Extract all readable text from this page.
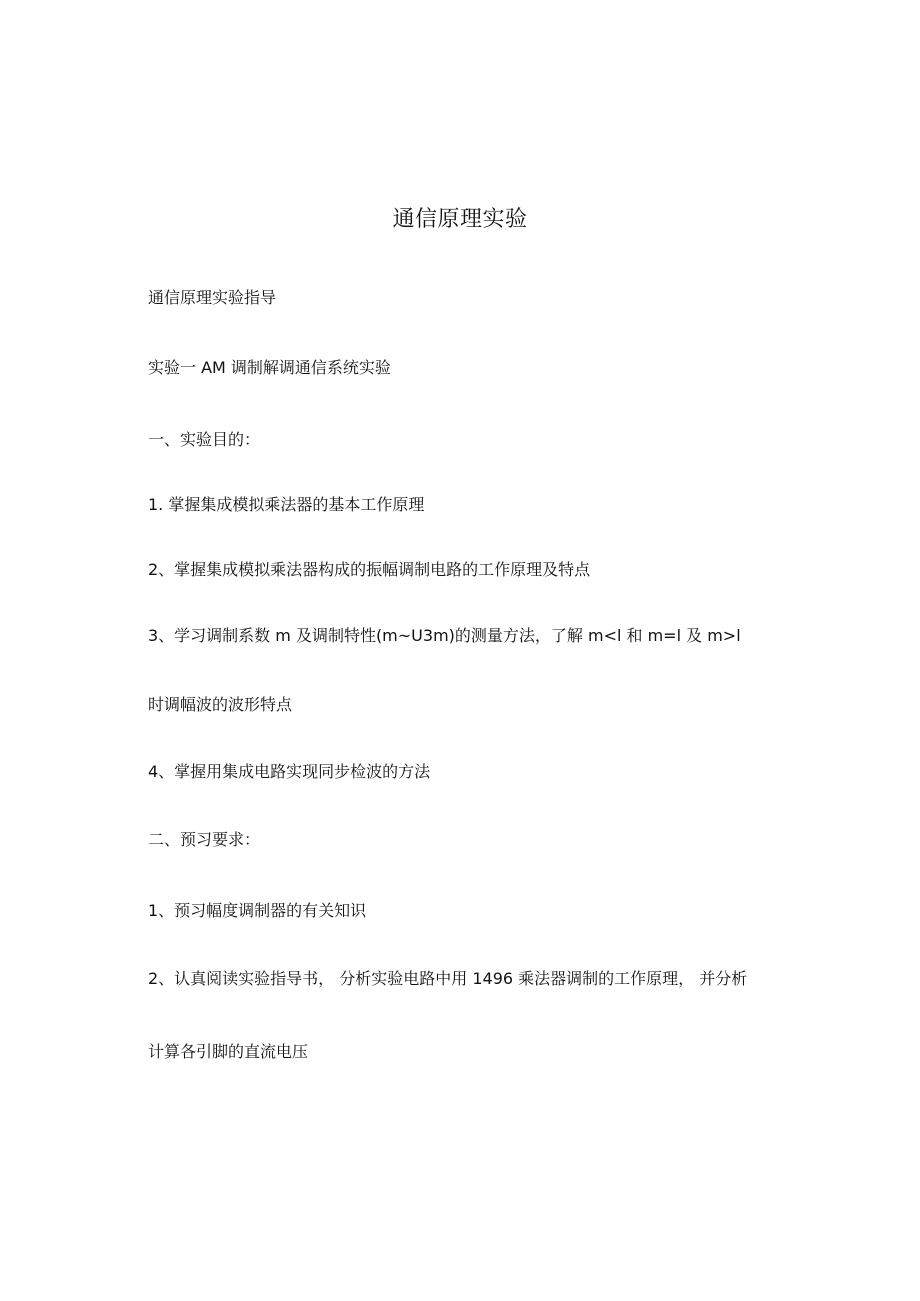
通信原理实验
通信原理实验指导
实验一 AM 调制解调通信系统实验
一、实验目的：
1. 掌握集成模拟乘法器的基本工作原理
2、掌握集成模拟乘法器构成的振幅调制电路的工作原理及特点
3、学习调制系数 m 及调制特性(m~U3m)的测量方法，了解 m<l 和 m=l 及 m>l
时调幅波的波形特点
4、掌握用集成电路实现同步检波的方法
二、预习要求：
1、预习幅度调制器的有关知识
2、认真阅读实验指导书， 分析实验电路中用 1496 乘法器调制的工作原理， 并分析
计算各引脚的直流电压
